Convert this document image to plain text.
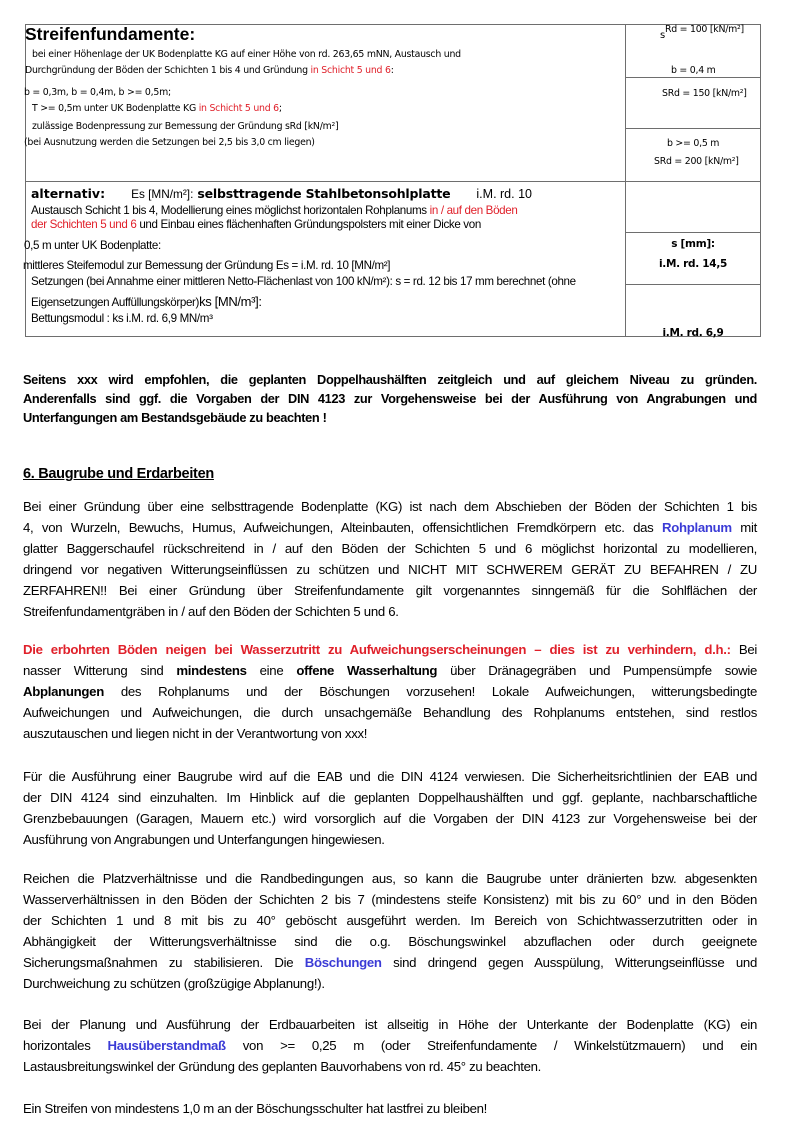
Streifenfundamente:
bei einer Höhenlage der UK Bodenplatte KG auf einer Höhe von rd. 263,65 mNN, Austausch und
Durchgründung der Böden der Schichten 1 bis 4 und Gründung in Schicht 5 und 6:
b = 0,3m, b = 0,4m, b >= 0,5m;
T >= 0,5m unter UK Bodenplatte KG in Schicht 5 und 6;
zulässige Bodenpressung zur Bemessung der Gründung sRd [kN/m²]
(bei Ausnutzung werden die Setzungen bei 2,5 bis 3,0 cm liegen)
sRd = 100 [kN/m²]
b = 0,4 m
SRd = 150 [kN/m²]
b >= 0,5 m
SRd = 200 [kN/m²]
alternativ: Es [MN/m²]: selbsttragende Stahlbetonsohlplatte i.M. rd. 10
Austausch Schicht 1 bis 4, Modellierung eines möglichst horizontalen Rohplanums in / auf den Böden
der Schichten 5 und 6 und Einbau eines flächenhaften Gründungspolsters mit einer Dicke von
0,5 m unter UK Bodenplatte:
mittleres Steifemodul zur Bemessung der Gründung Es = i.M. rd. 10 [MN/m²]
Setzungen (bei Annahme einer mittleren Netto-Flächenlast von 100 kN/m²): s = rd. 12 bis 17 mm berechnet (ohne
Eigensetzungen Auffüllungskörper)ks [MN/m³]:
Bettungsmodul : ks i.M. rd. 6,9 MN/m³
s [mm]:
i.M. rd. 14,5
i.M. rd. 6,9

Seitens xxx wird empfohlen, die geplanten Doppelhaushälften zeitgleich und auf gleichem Niveau zu gründen.
Anderenfalls sind ggf. die Vorgaben der DIN 4123 zur Vorgehensweise bei der Ausführung von Angrabungen und
Unterfangungen am Bestandsgebäude zu beachten !

6. Baugrube und Erdarbeiten

Bei einer Gründung über eine selbsttragende Bodenplatte (KG) ist nach dem Abschieben der Böden der Schichten 1 bis
4, von Wurzeln, Bewuchs, Humus, Aufweichungen, Alteinbauten, offensichtlichen Fremdkörpern etc. das Rohplanum mit
glatter Baggerschaufel rückschreitend in / auf den Böden der Schichten 5 und 6 möglichst horizontal zu modellieren,
dringend vor negativen Witterungseinflüssen zu schützen und NICHT MIT SCHWEREM GERÄT ZU BEFAHREN / ZU
ZERFAHREN!! Bei einer Gründung über Streifenfundamente gilt vorgenanntes sinngemäß für die Sohlflächen der
Streifenfundamentgräben in / auf den Böden der Schichten 5 und 6.

Die erbohrten Böden neigen bei Wasserzutritt zu Aufweichungserscheinungen – dies ist zu verhindern, d.h.: Bei
nasser Witterung sind mindestens eine offene Wasserhaltung über Dränagegräben und Pumpensümpfe sowie
Abplanungen des Rohplanums und der Böschungen vorzusehen! Lokale Aufweichungen, witterungsbedingte
Aufweichungen und Aufweichungen, die durch unsachgemäße Behandlung des Rohplanums entstehen, sind restlos
auszutauschen und liegen nicht in der Verantwortung von xxx!

Für die Ausführung einer Baugrube wird auf die EAB und die DIN 4124 verwiesen. Die Sicherheitsrichtlinien der EAB und
der DIN 4124 sind einzuhalten. Im Hinblick auf die geplanten Doppelhaushälften und ggf. geplante, nachbarschaftliche
Grenzbebauungen (Garagen, Mauern etc.) wird vorsorglich auf die Vorgaben der DIN 4123 zur Vorgehensweise bei der
Ausführung von Angrabungen und Unterfangungen hingewiesen.

Reichen die Platzverhältnisse und die Randbedingungen aus, so kann die Baugrube unter dränierten bzw. abgesenkten
Wasserverhältnissen in den Böden der Schichten 2 bis 7 (mindestens steife Konsistenz) mit bis zu 60° und in den Böden
der Schichten 1 und 8 mit bis zu 40° geböscht ausgeführt werden. Im Bereich von Schichtwasserzutritten oder in
Abhängigkeit der Witterungsverhältnisse sind die o.g. Böschungswinkel abzuflachen oder durch geeignete
Sicherungsmaßnahmen zu stabilisieren. Die Böschungen sind dringend gegen Ausspülung, Witterungseinflüsse und
Durchweichung zu schützen (großzügige Abplanung!).

Bei der Planung und Ausführung der Erdbauarbeiten ist allseitig in Höhe der Unterkante der Bodenplatte (KG) ein
horizontales Hausüberstandmaß von >= 0,25 m (oder Streifenfundamente / Winkelstützmauern) und ein
Lastausbreitungswinkel der Gründung des geplanten Bauvorhabens von rd. 45° zu beachten.

Ein Streifen von mindestens 1,0 m an der Böschungsschulter hat lastfrei zu bleiben!
